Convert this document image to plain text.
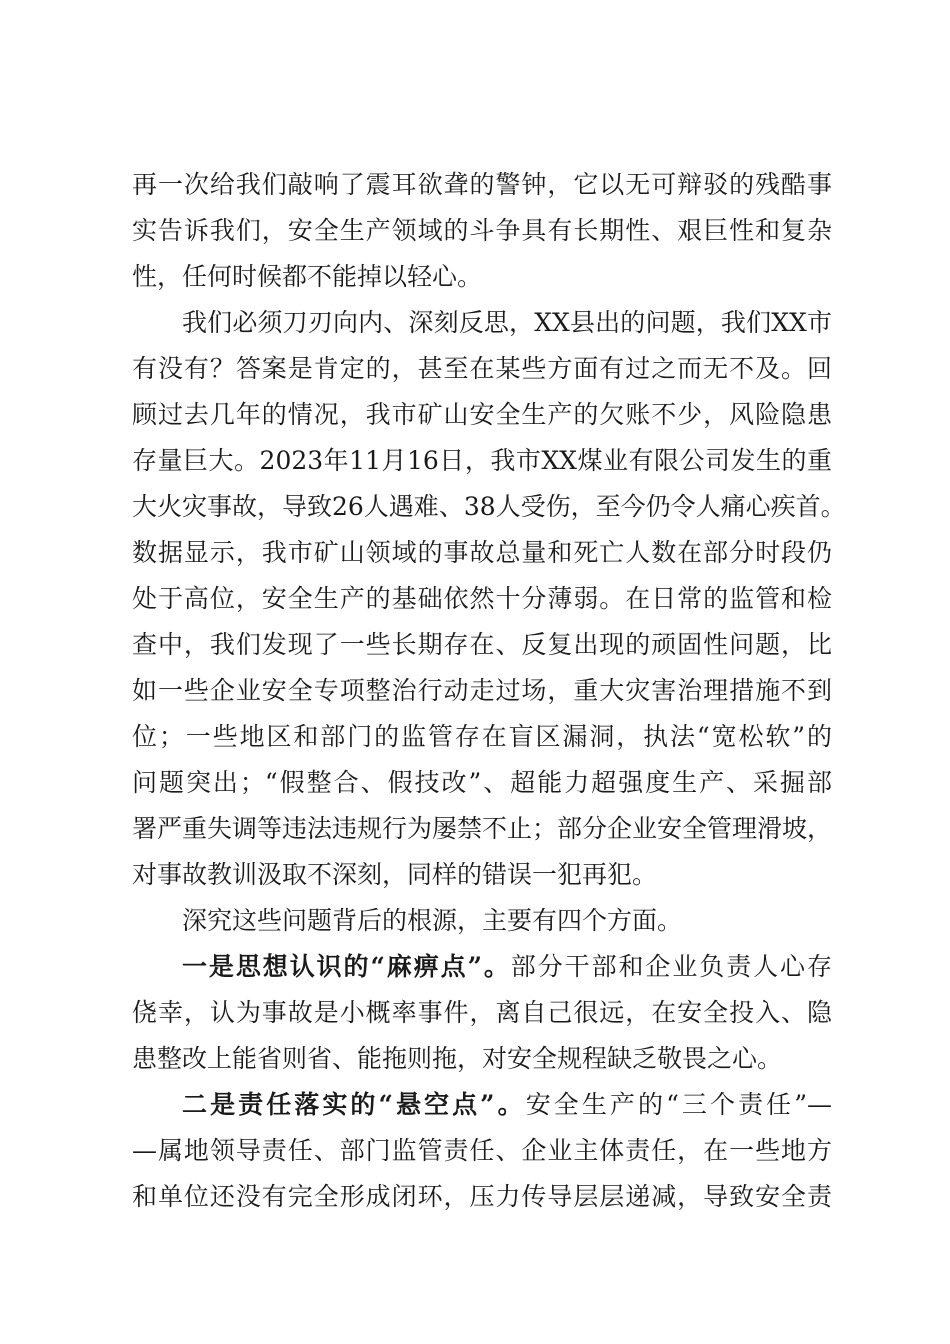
再一次给我们敲响了震耳欲聋的警钟，它以无可辩驳的残酷事
实告诉我们，安全生产领域的斗争具有长期性、艰巨性和复杂
性，任何时候都不能掉以轻心。
我们必须刀刃向内、深刻反思，XX县出的问题，我们XX市
有没有？答案是肯定的，甚至在某些方面有过之而无不及。回
顾过去几年的情况，我市矿山安全生产的欠账不少，风险隐患
存量巨大。2023年11月16日，我市XX煤业有限公司发生的重
大火灾事故，导致26人遇难、38人受伤，至今仍令人痛心疾首。
数据显示，我市矿山领域的事故总量和死亡人数在部分时段仍
处于高位，安全生产的基础依然十分薄弱。在日常的监管和检
查中，我们发现了一些长期存在、反复出现的顽固性问题，比
如一些企业安全专项整治行动走过场，重大灾害治理措施不到
位；一些地区和部门的监管存在盲区漏洞，执法“宽松软”的
问题突出；“假整合、假技改”、超能力超强度生产、采掘部
署严重失调等违法违规行为屡禁不止；部分企业安全管理滑坡，
对事故教训汲取不深刻，同样的错误一犯再犯。
深究这些问题背后的根源，主要有四个方面。
一是思想认识的“麻痹点”。部分干部和企业负责人心存
侥幸，认为事故是小概率事件，离自己很远，在安全投入、隐
患整改上能省则省、能拖则拖，对安全规程缺乏敬畏之心。
二是责任落实的“悬空点”。安全生产的“三个责任”—
—属地领导责任、部门监管责任、企业主体责任，在一些地方
和单位还没有完全形成闭环，压力传导层层递减，导致安全责
